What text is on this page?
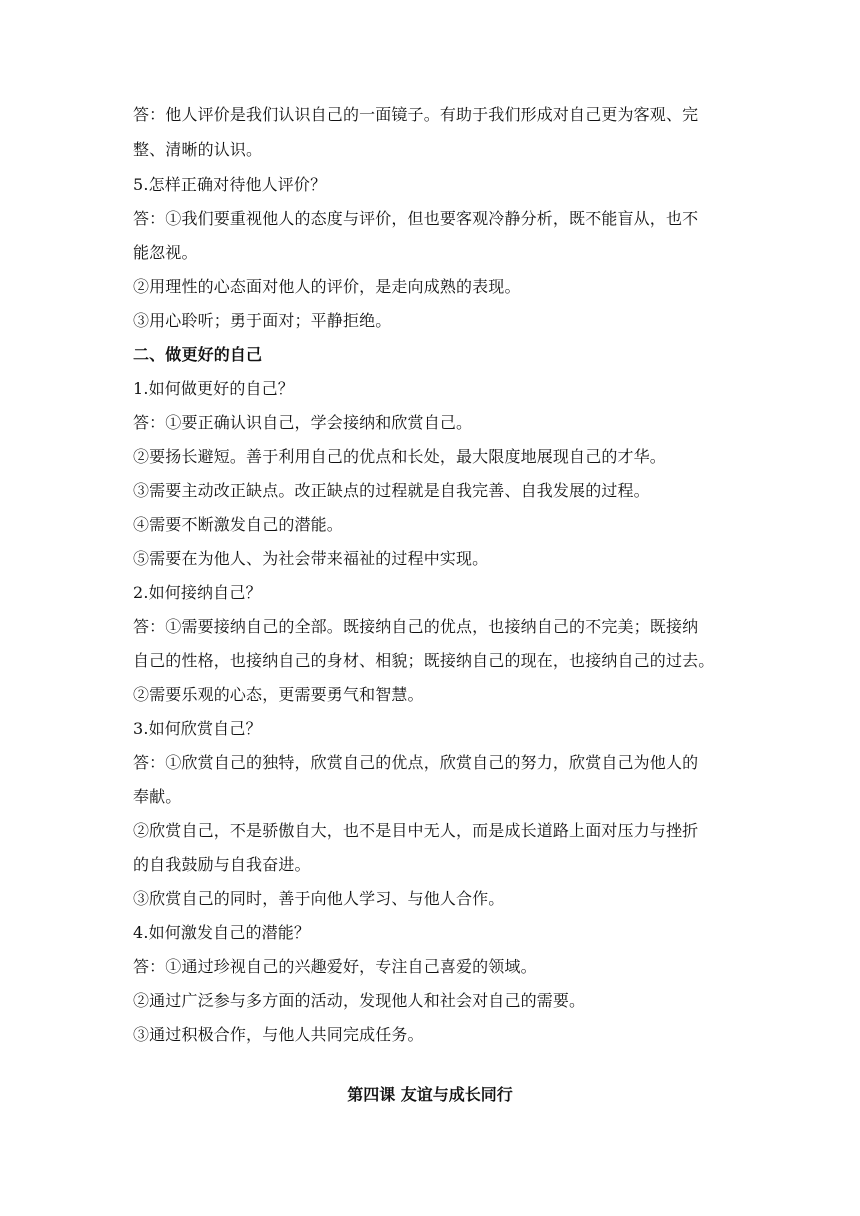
答：他人评价是我们认识自己的一面镜子。有助于我们形成对自己更为客观、完
整、清晰的认识。
5.怎样正确对待他人评价？
答：①我们要重视他人的态度与评价，但也要客观冷静分析，既不能盲从，也不
能忽视。
②用理性的心态面对他人的评价，是走向成熟的表现。
③用心聆听；勇于面对；平静拒绝。
二、做更好的自己
1.如何做更好的自己？
答：①要正确认识自己，学会接纳和欣赏自己。
②要扬长避短。善于利用自己的优点和长处，最大限度地展现自己的才华。
③需要主动改正缺点。改正缺点的过程就是自我完善、自我发展的过程。
④需要不断激发自己的潜能。
⑤需要在为他人、为社会带来福祉的过程中实现。
2.如何接纳自己？
答：①需要接纳自己的全部。既接纳自己的优点，也接纳自己的不完美；既接纳
自己的性格，也接纳自己的身材、相貌；既接纳自己的现在，也接纳自己的过去。
②需要乐观的心态，更需要勇气和智慧。
3.如何欣赏自己？
答：①欣赏自己的独特，欣赏自己的优点，欣赏自己的努力，欣赏自己为他人的
奉献。
②欣赏自己，不是骄傲自大，也不是目中无人，而是成长道路上面对压力与挫折
的自我鼓励与自我奋进。
③欣赏自己的同时，善于向他人学习、与他人合作。
4.如何激发自己的潜能？
答：①通过珍视自己的兴趣爱好，专注自己喜爱的领域。
②通过广泛参与多方面的活动，发现他人和社会对自己的需要。
③通过积极合作，与他人共同完成任务。
第四课 友谊与成长同行
